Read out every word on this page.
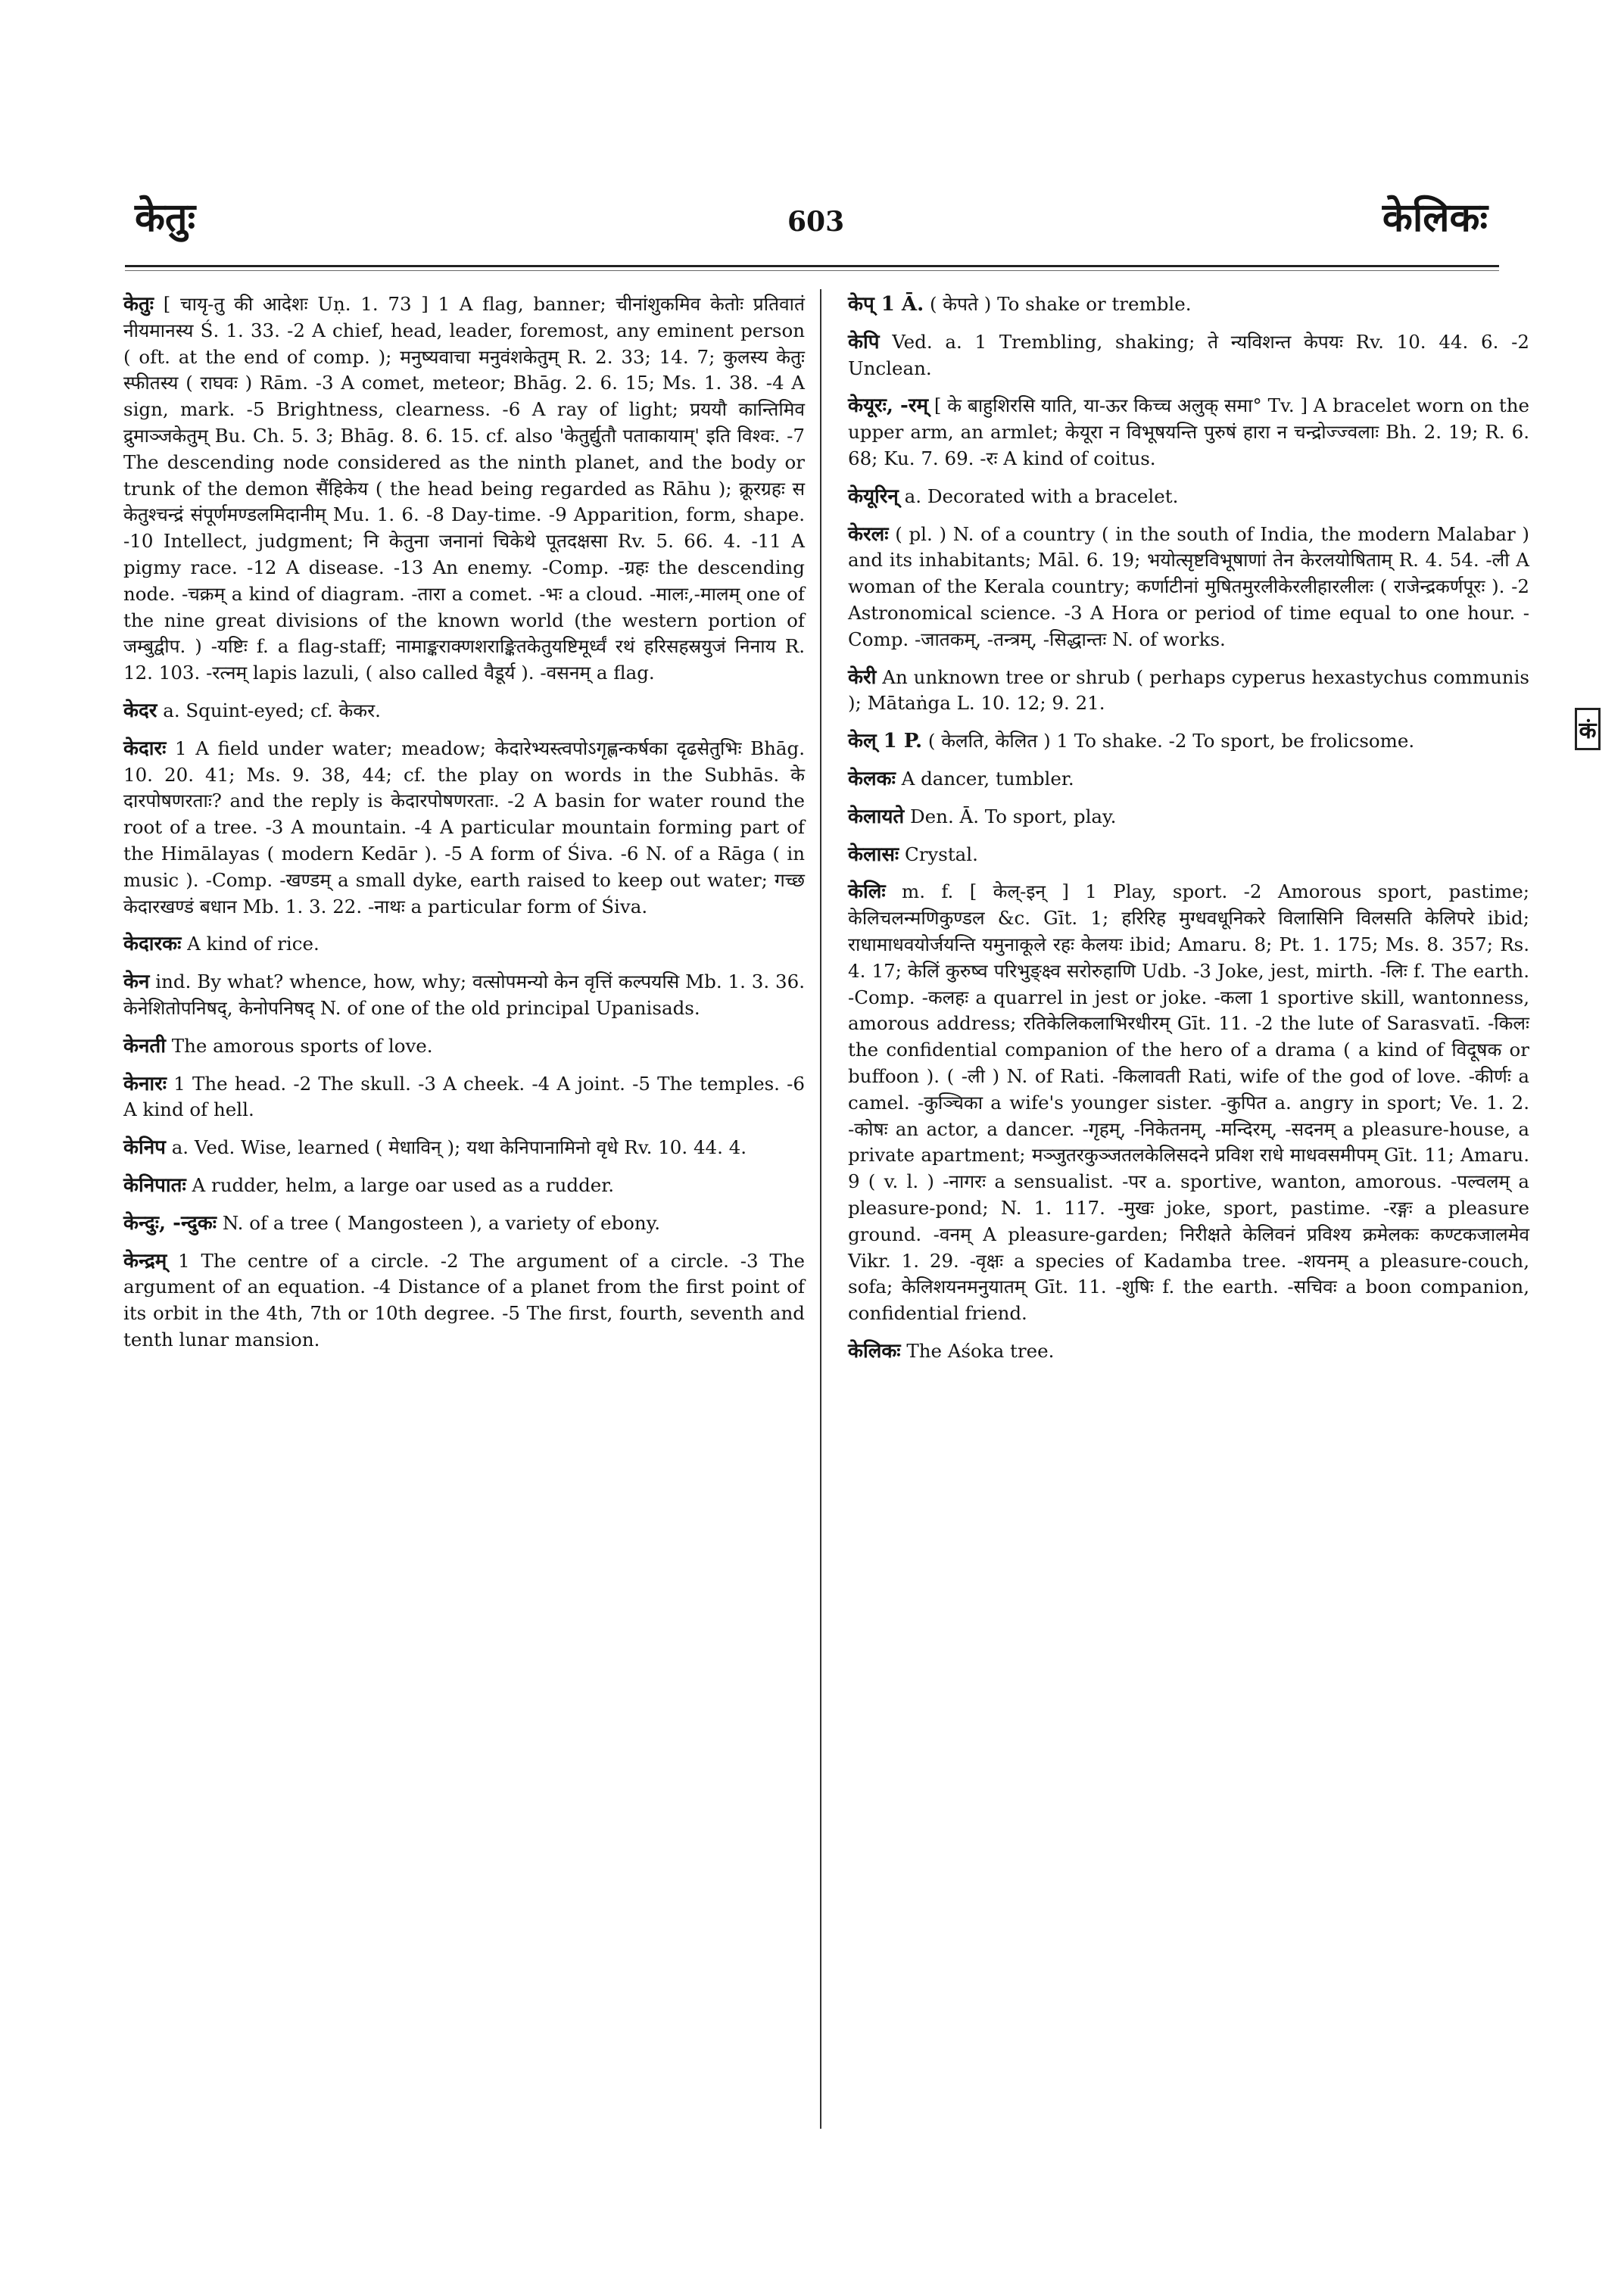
केतुः	603	केलिकः

केतुः [ चायृ-तु की आदेशः Uṇ. 1. 73 ] 1 A flag, banner; चीनांशुकमिव केतोः प्रतिवातं नीयमानस्य Ś. 1. 33. -2 A chief, head, leader, foremost, any eminent person ( oft. at the end of comp. ); मनुष्यवाचा मनुवंशकेतुम् R. 2. 33; 14. 7; कुलस्य केतुः स्फीतस्य ( राघवः ) Rām. -3 A comet, meteor; Bhāg. 2. 6. 15; Ms. 1. 38. -4 A sign, mark. -5 Brightness, clearness. -6 A ray of light; प्रययौ कान्तिमिव द्रुमाञ्जकेतुम् Bu. Ch. 5. 3; Bhāg. 8. 6. 15. cf. also 'केतुर्द्युतौ पताकायाम्' इति विश्वः. -7 The descending node considered as the ninth planet, and the body or trunk of the demon सैंहिकेय ( the head being regarded as Rāhu ); क्रूरग्रहः स केतुश्चन्द्रं संपूर्णमण्डलमिदानीम् Mu. 1. 6. -8 Day-time. -9 Apparition, form, shape. -10 Intellect, judgment; नि केतुना जनानां चिकेथे पूतदक्षसा Rv. 5. 66. 4. -11 A pigmy race. -12 A disease. -13 An enemy. -Comp. -ग्रहः the descending node. -चक्रम् a kind of diagram. -तारा a comet. -भः a cloud. -मालः,-मालम् one of the nine great divisions of the known world (the western portion of जम्बुद्वीप. ) -यष्टिः f. a flag-staff; नामाङ्कराक्णशराङ्कितकेतुयष्टिमूर्ध्वं रथं हरिसहस्रयुजं निनाय R. 12. 103. -रत्नम् lapis lazuli, ( also called वैडूर्य ). -वसनम् a flag.

केदर a. Squint-eyed; cf. केकर.

केदारः 1 A field under water; meadow; केदारेभ्यस्त्वपोऽगृह्णन्कर्षका दृढसेतुभिः Bhāg. 10. 20. 41; Ms. 9. 38, 44; cf. the play on words in the Subhās. के दारपोषणरताः? and the reply is केदारपोषणरताः. -2 A basin for water round the root of a tree. -3 A mountain. -4 A particular mountain forming part of the Himālayas ( modern Kedār ). -5 A form of Śiva. -6 N. of a Rāga ( in music ). -Comp. -खण्डम् a small dyke, earth raised to keep out water; गच्छ केदारखण्डं बधान Mb. 1. 3. 22. -नाथः a particular form of Śiva.

केदारकः A kind of rice.

केन ind. By what? whence, how, why; वत्सोपमन्यो केन वृत्तिं कल्पयसि Mb. 1. 3. 36. केनेशितोपनिषद्, केनोपनिषद् N. of one of the old principal Upanisads.

केनती The amorous sports of love.

केनारः 1 The head. -2 The skull. -3 A cheek. -4 A joint. -5 The temples. -6 A kind of hell.

केनिप a. Ved. Wise, learned ( मेधाविन् ); यथा केनिपानामिनो वृधे Rv. 10. 44. 4.

केनिपातः A rudder, helm, a large oar used as a rudder.

केन्दुः, -न्दुकः N. of a tree ( Mangosteen ), a variety of ebony.

केन्द्रम् 1 The centre of a circle. -2 The argument of a circle. -3 The argument of an equation. -4 Distance of a planet from the first point of its orbit in the 4th, 7th or 10th degree. -5 The first, fourth, seventh and tenth lunar mansion.

केप् 1 Ā. ( केपते ) To shake or tremble.

केपि Ved. a. 1 Trembling, shaking; ते न्यविशन्त केपयः Rv. 10. 44. 6. -2 Unclean.

केयूरः, -रम् [ के बाहुशिरसि याति, या-ऊर किच्च अलुक् समा° Tv. ] A bracelet worn on the upper arm, an armlet; केयूरा न विभूषयन्ति पुरुषं हारा न चन्द्रोज्ज्वलाः Bh. 2. 19; R. 6. 68; Ku. 7. 69. -रः A kind of coitus.

केयूरिन् a. Decorated with a bracelet.

केरलः ( pl. ) N. of a country ( in the south of India, the modern Malabar ) and its inhabitants; Māl. 6. 19; भयोत्सृष्टविभूषाणां तेन केरलयोषिताम् R. 4. 54. -ली A woman of the Kerala country; कर्णाटीनां मुषितमुरलीकेरलीहारलीलः ( राजेन्द्रकर्णपूरः ). -2 Astronomical science. -3 A Hora or period of time equal to one hour. -Comp. -जातकम्, -तन्त्रम्, -सिद्धान्तः N. of works.

केरी An unknown tree or shrub ( perhaps cyperus hexastychus communis ); Mātaṅga L. 10. 12; 9. 21.

केल् 1 P. ( केलति, केलित ) 1 To shake. -2 To sport, be frolicsome.

केलकः A dancer, tumbler.

केलायते Den. Ā. To sport, play.

केलासः Crystal.

केलिः m. f. [ केल्-इन् ] 1 Play, sport. -2 Amorous sport, pastime; केलिचलन्मणिकुण्डल &c. Gīt. 1; हरिरिह मुग्धवधूनिकरे विलासिनि विलसति केलिपरे ibid; राधामाधवयोर्जयन्ति यमुनाकूले रहः केलयः ibid; Amaru. 8; Pt. 1. 175; Ms. 8. 357; Rs. 4. 17; केलिं कुरुष्व परिभुङ्क्ष्व सरोरुहाणि Udb. -3 Joke, jest, mirth. -लिः f. The earth. -Comp. -कलहः a quarrel in jest or joke. -कला 1 sportive skill, wantonness, amorous address; रतिकेलिकलाभिरधीरम् Gīt. 11. -2 the lute of Sarasvatī. -किलः the confidential companion of the hero of a drama ( a kind of विदूषक or buffoon ). ( -ली ) N. of Rati. -किलावती Rati, wife of the god of love. -कीर्णः a camel. -कुञ्चिका a wife's younger sister. -कुपित a. angry in sport; Ve. 1. 2. -कोषः an actor, a dancer. -गृहम्, -निकेतनम्, -मन्दिरम्, -सदनम् a pleasure-house, a private apartment; मञ्जुतरकुञ्जतलकेलिसदने प्रविश राधे माधवसमीपम् Gīt. 11; Amaru. 9 ( v. l. ) -नागरः a sensualist. -पर a. sportive, wanton, amorous. -पल्वलम् a pleasure-pond; N. 1. 117. -मुखः joke, sport, pastime. -रङ्गः a pleasure ground. -वनम् A pleasure-garden; निरीक्षते केलिवनं प्रविश्य क्रमेलकः कण्टकजालमेव Vikr. 1. 29. -वृक्षः a species of Kadamba tree. -शयनम् a pleasure-couch, sofa; केलिशयनमनुयातम् Gīt. 11. -शुषिः f. the earth. -सचिवः a boon companion, confidential friend.

केलिकः The Aśoka tree.

कं
